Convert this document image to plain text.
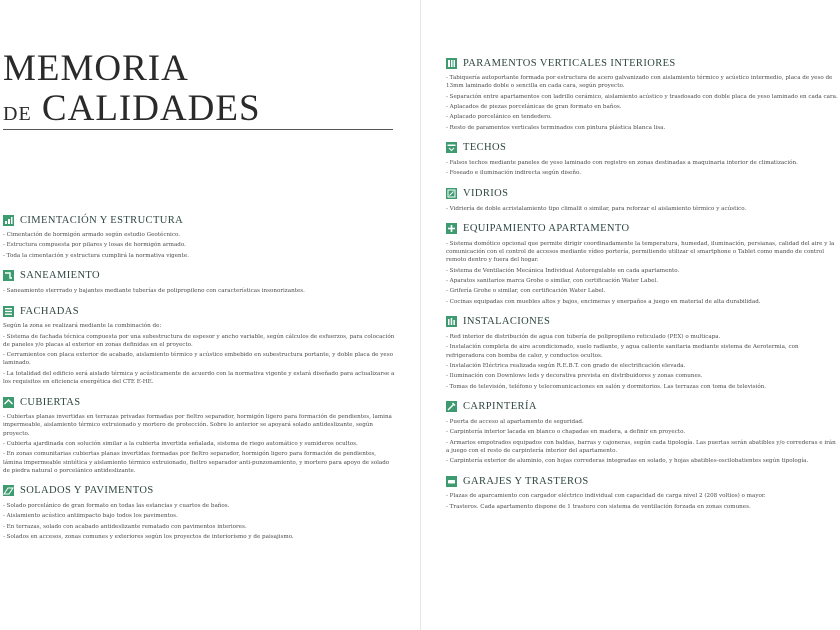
MEMORIA
DE CALIDADES
CIMENTACIÓN Y ESTRUCTURA
- Cimentación de hormigón armado según estudio Geotécnico.
- Estructura compuesta por pilares y losas de hormigón armado.
- Toda la cimentación y estructura cumplirá la normativa vigente.
SANEAMIENTO
- Saneamiento sterrrado y bajantes mediante tuberías de polipropileno con características insonorizantes.
FACHADAS
Según la zona se realizará mediante la combinación de:
- Sistema de fachada técnica compuesta por una subestructura de espesor y ancho variable, según cálculos de esfuerzos, para colocación de paneles y/o placas al exterior en zonas definidas en el proyecto.
- Cerramientos con placa exterior de acabado, aislamiento térmico y acústico embebido en subestructura portante, y doble placa de yeso laminado.
- La totalidad del edificio será aislado térmica y acústicamente de acuerdo con la normativa vigente y estará diseñado para actualizarse a los requisitos en eficiencia energética del CTE E-HE.
CUBIERTAS
- Cubiertas planas invertidas en terrazas privadas formadas por fieltro separador, hormigón ligero para formación de pendientes, lamina impermeable, aislamiento térmico extruionado y mortero de protección. Sobre lo anterior se apoyará solado antideslizante, según proyecto.
- Cubierta ajardinada con solución similar a la cubierta invertida señalada, sistema de riego automático y sumideros ocultos.
- En zonas comunitarias cubiertas planas invertidas formadas por fieltro separador, hormigón ligero para formación de pendientes, lámina impermeable sintética y aislamiento térmico extruionado, fieltro separador anti-punzonamiento, y mortero para apoyo de solado de piedra natural o porcelánico antideslizante.
SOLADOS Y PAVIMENTOS
- Solado porcelánico de gran formato en todas las estancias y cuartos de baños.
- Aislamiento acústico antiimpacto bajo todos los pavimentos.
- En terrazas, solado con acabado antideslizante rematado con pavimentos interiores.
- Solados en accesos, zonas comunes y exteriores según los proyectos de interiorismo y de paisajismo.
PARAMENTOS VERTICALES INTERIORES
- Tabiquería autoportante formada por estructura de acero galvanizado con aislamiento térmico y acústico intermedio, placa de yeso de 13mm laminado doble o sencilla en cada cara, según proyecto.
- Separación entre apartamentos con ladrillo cerámico, aislamiento acústico y trasdosado con doble placa de yeso laminado en cada cara.
- Aplacados de piezas porcelánicas de gran formato en baños.
- Aplacado porcelánico en tendedero.
- Resto de paramentos verticales terminados con pintura plástica blanca lisa.
TECHOS
- Falsos techos mediante paneles de yeso laminado con registro en zonas destinadas a maquinaria interior de climatización.
- Foseado e iluminación indirecta según diseño.
VIDRIOS
- Vidriería de doble acristalamiento tipo climalit o similar, para reforzar el aislamiento térmico y acústico.
EQUIPAMIENTO APARTAMENTO
- Sistema domótico opcional que permite dirigir coordinadamente la temperatura, humedad, iluminación, persianas, calidad del aire y la comunicación con el control de accesos mediante vídeo portería, permitiendo utilizar el smartphone o Tablet como mando de control remoto dentro y fuera del hogar.
- Sistema de Ventilación Mecánica Individual Autoregulable en cada apartamento.
- Aparatos sanitarios marca Grohe o similar, con certificación Water Label.
- Grifería Grohe o similar, con certificación Water Label.
- Cocinas equipadas con muebles altos y bajos, encimeras y enerpaños a juego en material de alta durabilidad.
INSTALACIONES
- Red interior de distribución de agua con tubería de polipropileno reticulado (PEX) o multicapa.
- Instalación completa de aire acondicionado, suelo radiante, y agua caliente sanitaria mediante sistema de Aerotermia, con refrigeradora con bomba de calor, y conductos ocultos.
- Instalación Eléctrica realizada según R.E.B.T. con grado de electrificación elevada.
- Iluminación con Downlows leds y decorativa prevista en distribuidores y zonas comunes.
- Tomas de televisión, teléfono y telecomunicaciones en salón y dormitorios. Las terrazas con toma de televisión.
CARPINTERÍA
- Puerta de acceso al apartamento de seguridad.
- Carpintería interior lacada en blanco o chapadas en madera, a definir en proyecto.
- Armarios empotrados equipados con baldas, barras y cajoneras, según cada tipología. Las puertas serán abatibles y/o correderas e irán a juego con el resto de carpintería interior del apartamento.
- Carpintería exterior de aluminio, con hojas correderas integradas en solado, y hojas abatibles-oscilobatientes según tipología.
GARAJES Y TRASTEROS
- Plazas de aparcamiento con cargador eléctrico individual con capacidad de carga nivel 2 (208 voltios) o mayor.
- Trasteros. Cada apartamento dispone de 1 trastero con sistema de ventilación forzada en zonas comunes.
